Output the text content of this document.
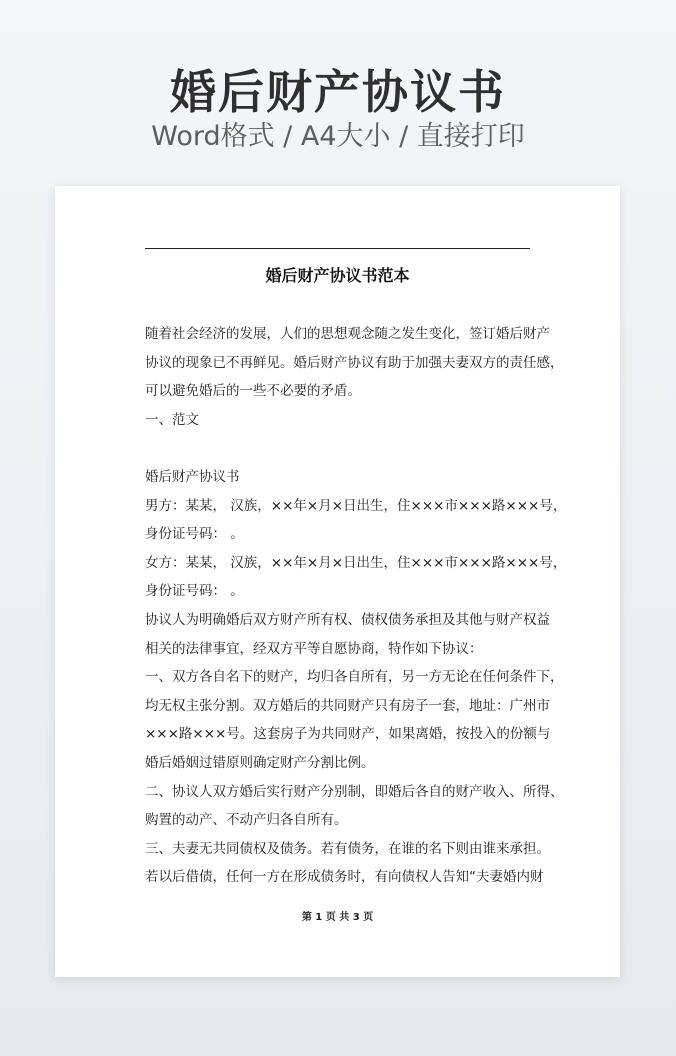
婚后财产协议书
Word格式 / A4大小 / 直接打印
婚后财产协议书范本
随着社会经济的发展，人们的思想观念随之发生变化，签订婚后财产
协议的现象已不再鲜见。婚后财产协议有助于加强夫妻双方的责任感，
可以避免婚后的一些不必要的矛盾。
一、范文
婚后财产协议书
男方：某某， 汉族，××年×月×日出生，住×××市×××路×××号，
身份证号码： 。
女方：某某， 汉族，××年×月×日出生，住×××市×××路×××号，
身份证号码： 。
协议人为明确婚后双方财产所有权、债权债务承担及其他与财产权益
相关的法律事宜，经双方平等自愿协商，特作如下协议：
一、双方各自名下的财产，均归各自所有，另一方无论在任何条件下，
均无权主张分割。双方婚后的共同财产只有房子一套，地址：广州市
×××路×××号。这套房子为共同财产，如果离婚，按投入的份额与
婚后婚姻过错原则确定财产分割比例。
二、协议人双方婚后实行财产分别制，即婚后各自的财产收入、所得、
购置的动产、不动产归各自所有。
三、夫妻无共同债权及债务。若有债务，在谁的名下则由谁来承担。
若以后借债，任何一方在形成债务时，有向债权人告知“夫妻婚内财
第 1 页 共 3 页
